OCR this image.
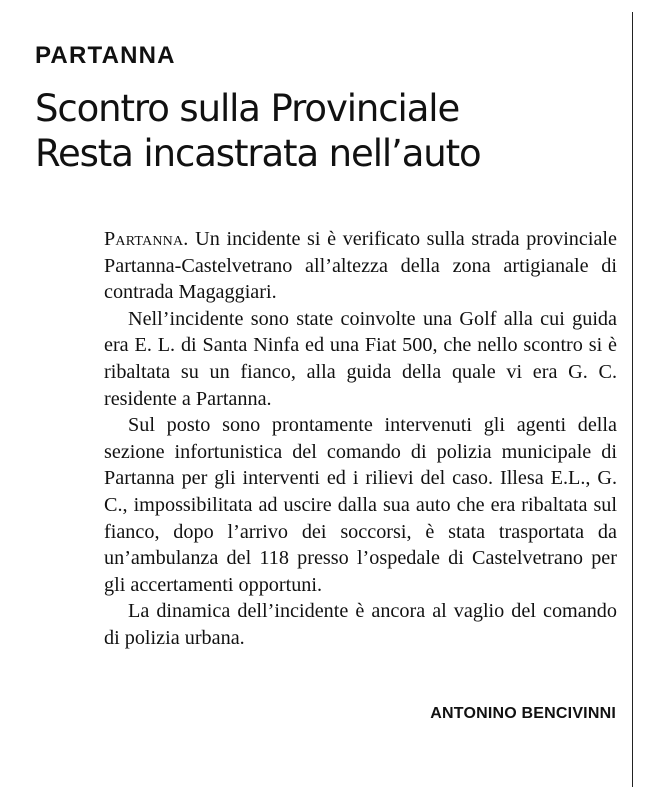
PARTANNA
Scontro sulla Provinciale
Resta incastrata nell’auto

Partanna. Un incidente si è verificato sulla strada provinciale Partanna-Castelvetrano all’altezza della zona artigianale di contrada Magaggiari.

Nell’incidente sono state coinvolte una Golf alla cui guida era E. L. di Santa Ninfa ed una Fiat 500, che nello scontro si è ribaltata su un fianco, alla guida della quale vi era G. C. residente a Partanna.

Sul posto sono prontamente intervenuti gli agenti della sezione infortunistica del comando di polizia municipale di Partanna per gli interventi ed i rilievi del caso. Illesa E.L., G. C., impossibilitata ad uscire dalla sua auto che era ribaltata sul fianco, dopo l’arrivo dei soccorsi, è stata trasportata da un’ambulanza del 118 presso l’ospedale di Castelvetrano per gli accertamenti opportuni.

La dinamica dell’incidente è ancora al vaglio del comando di polizia urbana.

ANTONINO BENCIVINNI
